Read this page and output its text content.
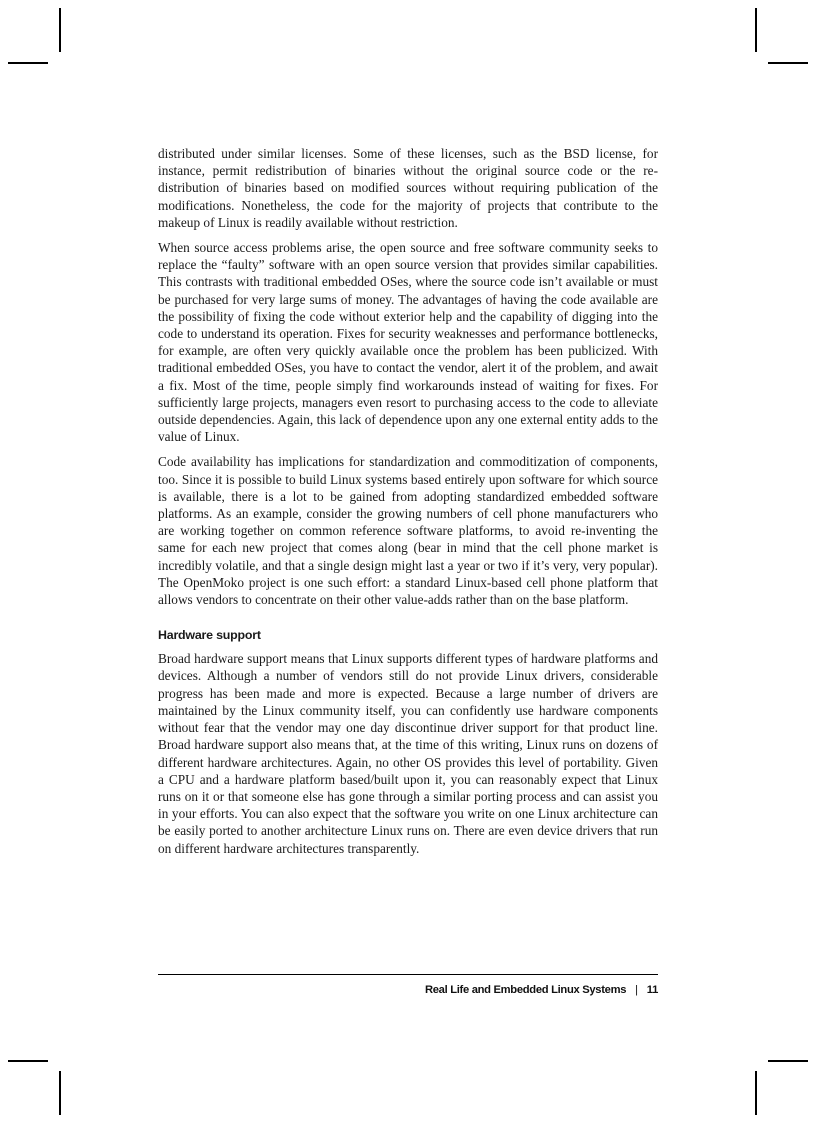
distributed under similar licenses. Some of these licenses, such as the BSD license, for instance, permit redistribution of binaries without the original source code or the redistribution of binaries based on modified sources without requiring publication of the modifications. Nonetheless, the code for the majority of projects that contribute to the makeup of Linux is readily available without restriction.

When source access problems arise, the open source and free software community seeks to replace the “faulty” software with an open source version that provides similar capabilities. This contrasts with traditional embedded OSes, where the source code isn’t available or must be purchased for very large sums of money. The advantages of having the code available are the possibility of fixing the code without exterior help and the capability of digging into the code to understand its operation. Fixes for security weaknesses and performance bottlenecks, for example, are often very quickly available once the problem has been publicized. With traditional embedded OSes, you have to contact the vendor, alert it of the problem, and await a fix. Most of the time, people simply find workarounds instead of waiting for fixes. For sufficiently large projects, managers even resort to purchasing access to the code to alleviate outside dependencies. Again, this lack of dependence upon any one external entity adds to the value of Linux.

Code availability has implications for standardization and commoditization of components, too. Since it is possible to build Linux systems based entirely upon software for which source is available, there is a lot to be gained from adopting standardized embedded software platforms. As an example, consider the growing numbers of cell phone manufacturers who are working together on common reference software platforms, to avoid re-inventing the same for each new project that comes along (bear in mind that the cell phone market is incredibly volatile, and that a single design might last a year or two if it’s very, very popular). The OpenMoko project is one such effort: a standard Linux-based cell phone platform that allows vendors to concentrate on their other value-adds rather than on the base platform.

Hardware support

Broad hardware support means that Linux supports different types of hardware platforms and devices. Although a number of vendors still do not provide Linux drivers, considerable progress has been made and more is expected. Because a large number of drivers are maintained by the Linux community itself, you can confidently use hardware components without fear that the vendor may one day discontinue driver support for that product line. Broad hardware support also means that, at the time of this writing, Linux runs on dozens of different hardware architectures. Again, no other OS provides this level of portability. Given a CPU and a hardware platform based/built upon it, you can reasonably expect that Linux runs on it or that someone else has gone through a similar porting process and can assist you in your efforts. You can also expect that the software you write on one Linux architecture can be easily ported to another architecture Linux runs on. There are even device drivers that run on different hardware architectures transparently.

Real Life and Embedded Linux Systems | 11
